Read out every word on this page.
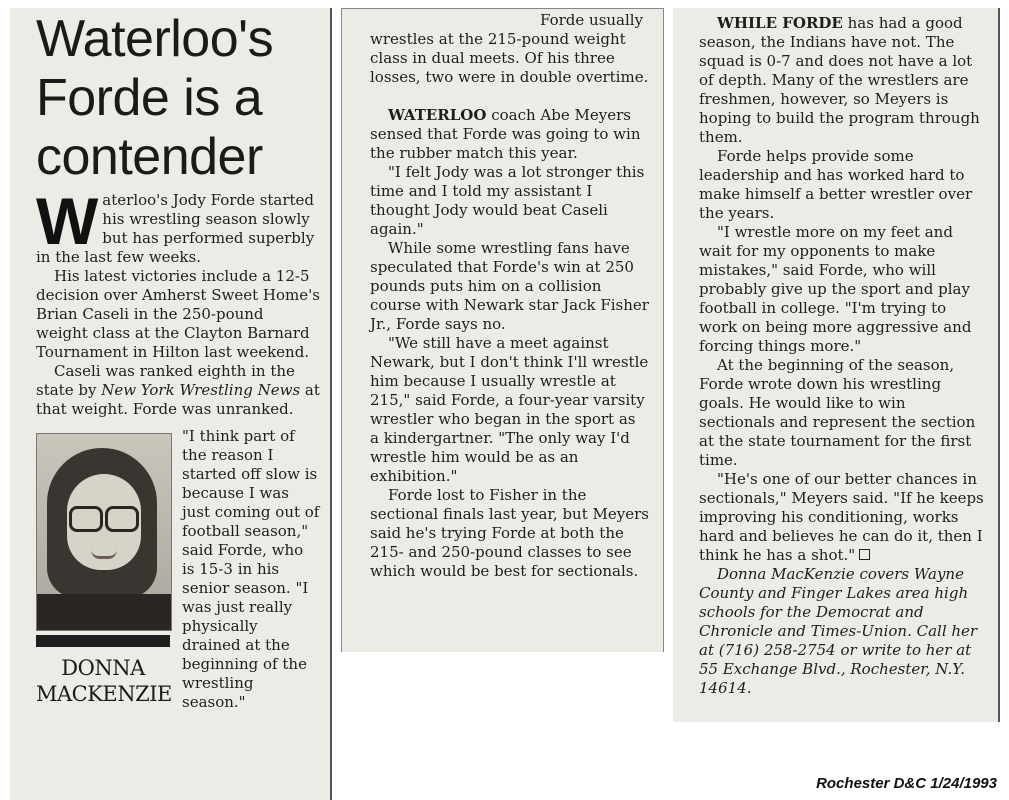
Waterloo's
Forde is a
contender

Waterloo's Jody Forde started his wrestling season slowly but has performed superbly in the last few weeks.

His latest victories include a 12-5 decision over Amherst Sweet Home's Brian Caseli in the 250-pound weight class at the Clayton Barnard Tournament in Hilton last weekend.

Caseli was ranked eighth in the state by New York Wrestling News at that weight. Forde was unranked.

DONNA
MACKENZIE

"I think part of the reason I started off slow is because I was just coming out of football season," said Forde, who is 15-3 in his senior season. "I was just really physically drained at the beginning of the wrestling season."

Forde usually wrestles at the 215-pound weight class in dual meets. Of his three losses, two were in double overtime.

WATERLOO coach Abe Meyers sensed that Forde was going to win the rubber match this year.

"I felt Jody was a lot stronger this time and I told my assistant I thought Jody would beat Caseli again."

While some wrestling fans have speculated that Forde's win at 250 pounds puts him on a collision course with Newark star Jack Fisher Jr., Forde says no.

"We still have a meet against Newark, but I don't think I'll wrestle him because I usually wrestle at 215," said Forde, a four-year varsity wrestler who began in the sport as a kindergartner. "The only way I'd wrestle him would be as an exhibition."

Forde lost to Fisher in the sectional finals last year, but Meyers said he's trying Forde at both the 215- and 250-pound classes to see which would be best for sectionals.

WHILE FORDE has had a good season, the Indians have not. The squad is 0-7 and does not have a lot of depth. Many of the wrestlers are freshmen, however, so Meyers is hoping to build the program through them.

Forde helps provide some leadership and has worked hard to make himself a better wrestler over the years.

"I wrestle more on my feet and wait for my opponents to make mistakes," said Forde, who will probably give up the sport and play football in college. "I'm trying to work on being more aggressive and forcing things more."

At the beginning of the season, Forde wrote down his wrestling goals. He would like to win sectionals and represent the section at the state tournament for the first time.

"He's one of our better chances in sectionals," Meyers said. "If he keeps improving his conditioning, works hard and believes he can do it, then I think he has a shot."

Donna MacKenzie covers Wayne County and Finger Lakes area high schools for the Democrat and Chronicle and Times-Union. Call her at (716) 258-2754 or write to her at 55 Exchange Blvd., Rochester, N.Y. 14614.

Rochester D&C 1/24/1993
